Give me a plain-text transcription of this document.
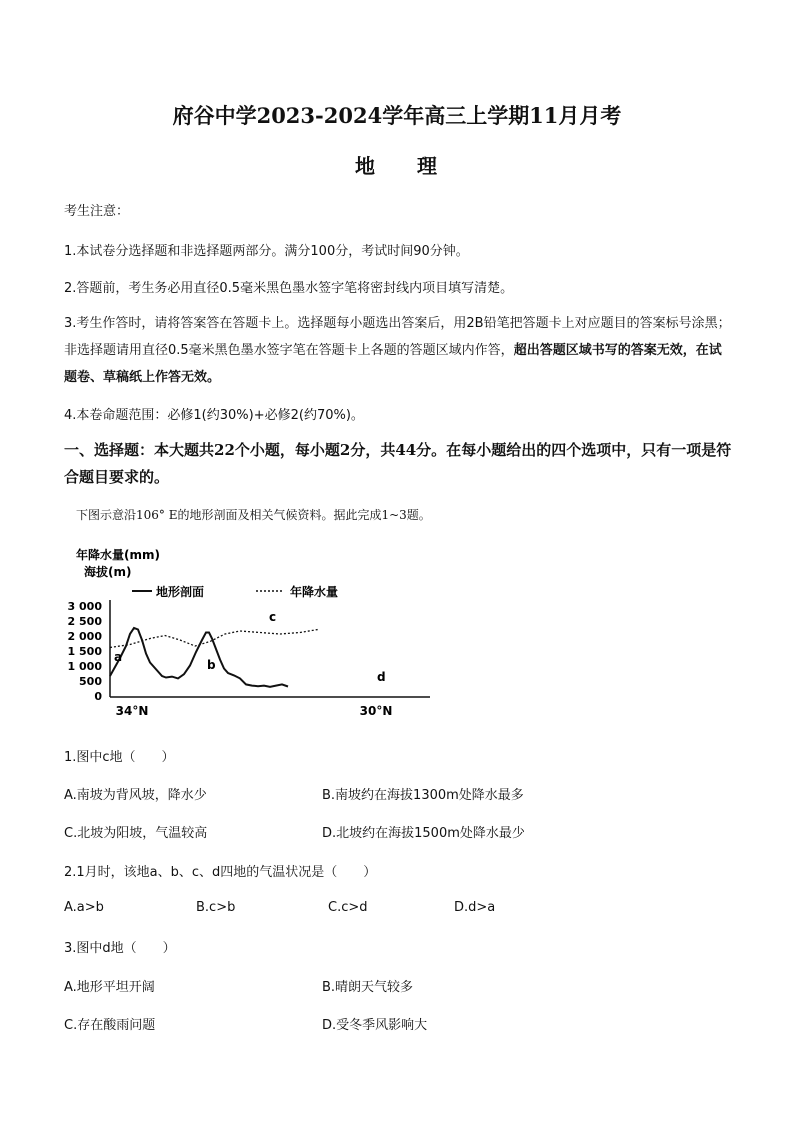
府谷中学2023-2024学年高三上学期11月月考
地 理
考生注意：
1.本试卷分选择题和非选择题两部分。满分100分，考试时间90分钟。
2.答题前，考生务必用直径0.5毫米黑色墨水签字笔将密封线内项目填写清楚。
3.考生作答时，请将答案答在答题卡上。选择题每小题选出答案后，用2B铅笔把答题卡上对应题目的答案标号涂黑；非选择题请用直径0.5毫米黑色墨水签字笔在答题卡上各题的答题区域内作答，超出答题区域书写的答案无效，在试题卷、草稿纸上作答无效。
4.本卷命题范围：必修1(约30%)+必修2(约70%)。
一、选择题：本大题共22个小题，每小题2分，共44分。在每小题给出的四个选项中，只有一项是符合题目要求的。
下图示意沿106° E的地形剖面及相关气候资料。据此完成1~3题。
年降水量(mm)
海拔(m)
地形剖面	年降水量
3 000
2 500
2 000
1 500
1 000
500
0
34°N	30°N
a
b
c
d
1.图中c地（　　）
A.南坡为背风坡，降水少	B.南坡约在海拔1300m处降水最多
C.北坡为阳坡，气温较高	D.北坡约在海拔1500m处降水最少
2.1月时，该地a、b、c、d四地的气温状况是（　　）
A.a>b	B.c>b	C.c>d	D.d>a
3.图中d地（　　）
A.地形平坦开阔	B.晴朗天气较多
C.存在酸雨问题	D.受冬季风影响大
